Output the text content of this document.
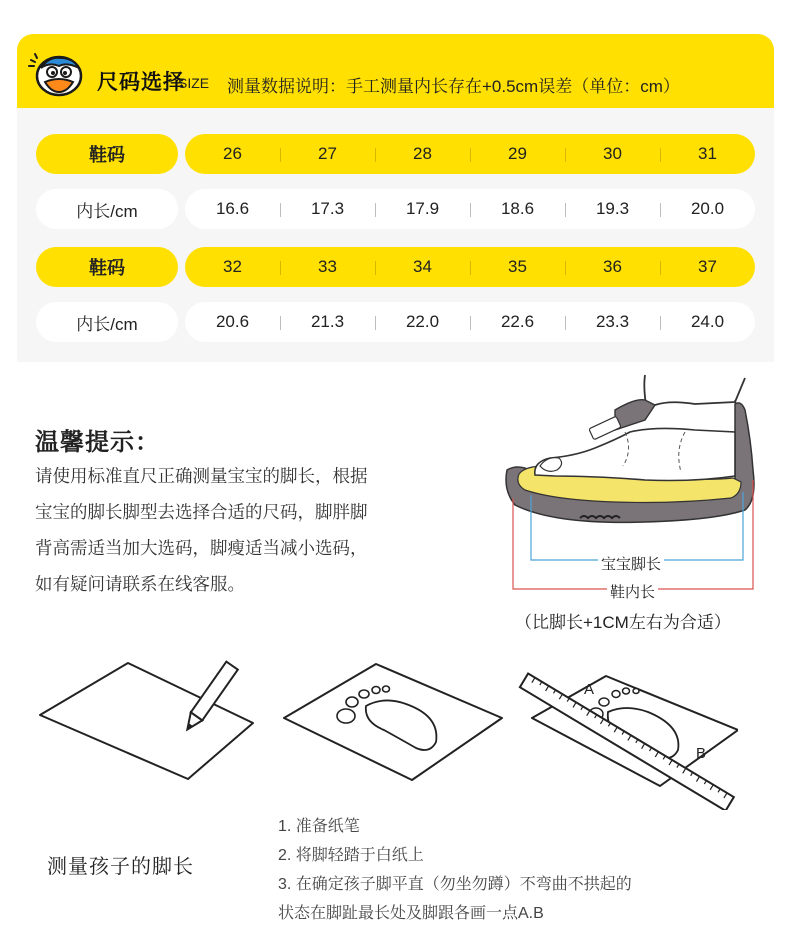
尺码选择
SIZE 测量数据说明：手工测量内长存在+0.5cm误差（单位：cm）
鞋码	26	27	28	29	30	31
内长/cm	16.6	17.3	17.9	18.6	19.3	20.0
鞋码	32	33	34	35	36	37
内长/cm	20.6	21.3	22.0	22.6	23.3	24.0
温馨提示：
请使用标准直尺正确测量宝宝的脚长，根据
宝宝的脚长脚型去选择合适的尺码，脚胖脚
背高需适当加大选码，脚瘦适当减小选码，
如有疑问请联系在线客服。
宝宝脚长
鞋内长
（比脚长+1CM左右为合适）
A
B
测量孩子的脚长
1. 准备纸笔
2. 将脚轻踏于白纸上
3. 在确定孩子脚平直（勿坐勿蹲）不弯曲不拱起的
状态在脚趾最长处及脚跟各画一点A.B
